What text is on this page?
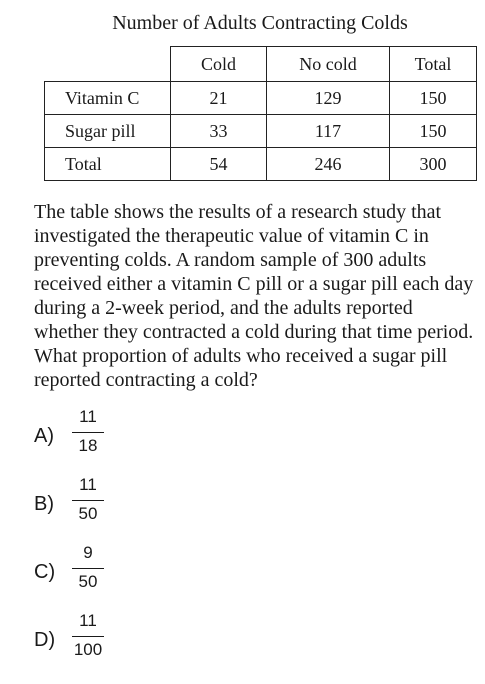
Number of Adults Contracting Colds
	Cold	No cold	Total
Vitamin C	21	129	150
Sugar pill	33	117	150
Total	54	246	300
The table shows the results of a research study that investigated the therapeutic value of vitamin C in preventing colds. A random sample of 300 adults received either a vitamin C pill or a sugar pill each day during a 2-week period, and the adults reported whether they contracted a cold during that time period. What proportion of adults who received a sugar pill reported contracting a cold?
A)
11
18
B)
11
50
C)
9
50
D)
11
100
